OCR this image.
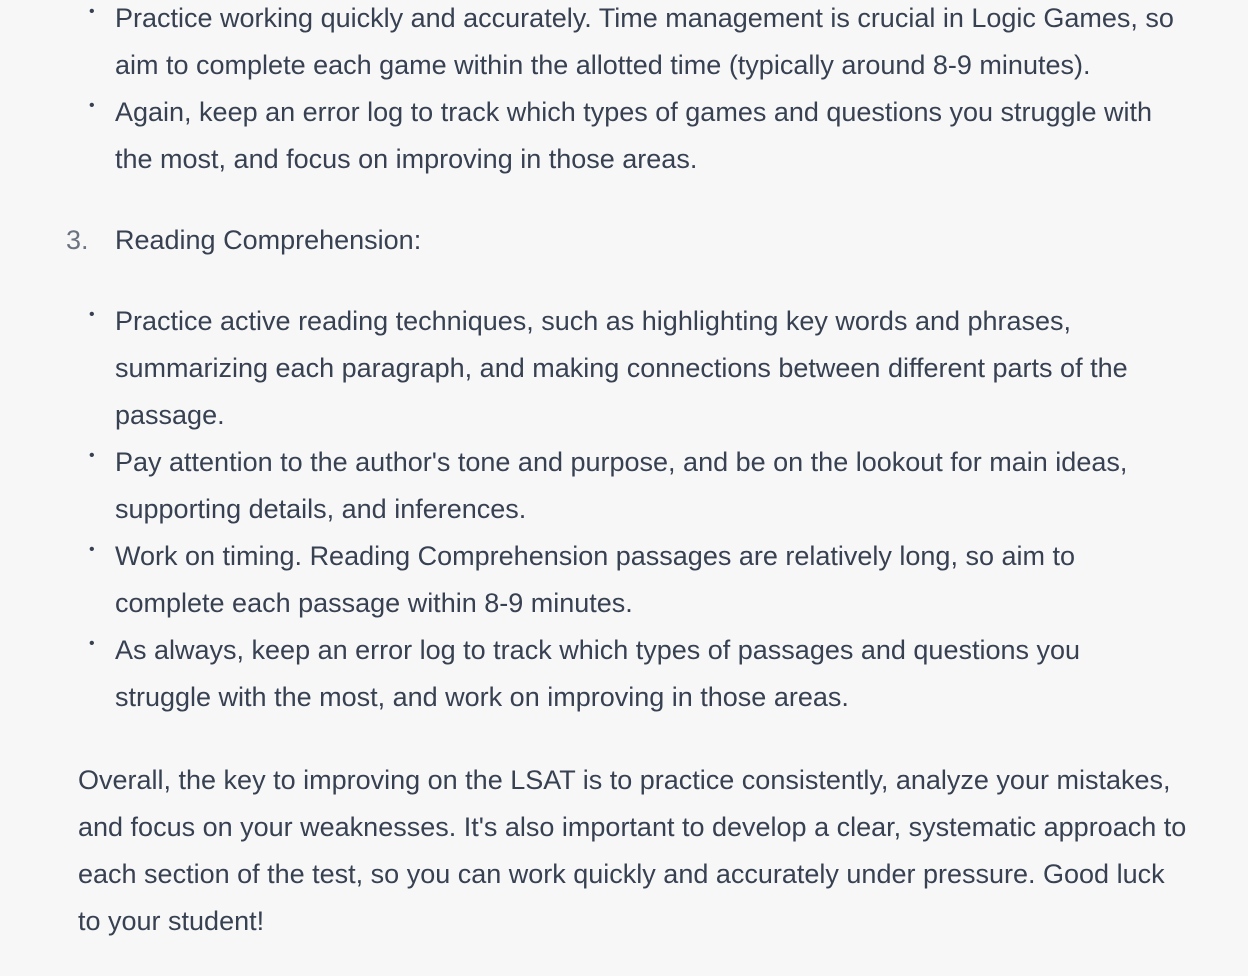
• Practice working quickly and accurately. Time management is crucial in Logic Games, so aim to complete each game within the allotted time (typically around 8-9 minutes).
• Again, keep an error log to track which types of games and questions you struggle with the most, and focus on improving in those areas.
3. Reading Comprehension:
• Practice active reading techniques, such as highlighting key words and phrases, summarizing each paragraph, and making connections between different parts of the passage.
• Pay attention to the author's tone and purpose, and be on the lookout for main ideas, supporting details, and inferences.
• Work on timing. Reading Comprehension passages are relatively long, so aim to complete each passage within 8-9 minutes.
• As always, keep an error log to track which types of passages and questions you struggle with the most, and work on improving in those areas.

Overall, the key to improving on the LSAT is to practice consistently, analyze your mistakes, and focus on your weaknesses. It's also important to develop a clear, systematic approach to each section of the test, so you can work quickly and accurately under pressure. Good luck to your student!
